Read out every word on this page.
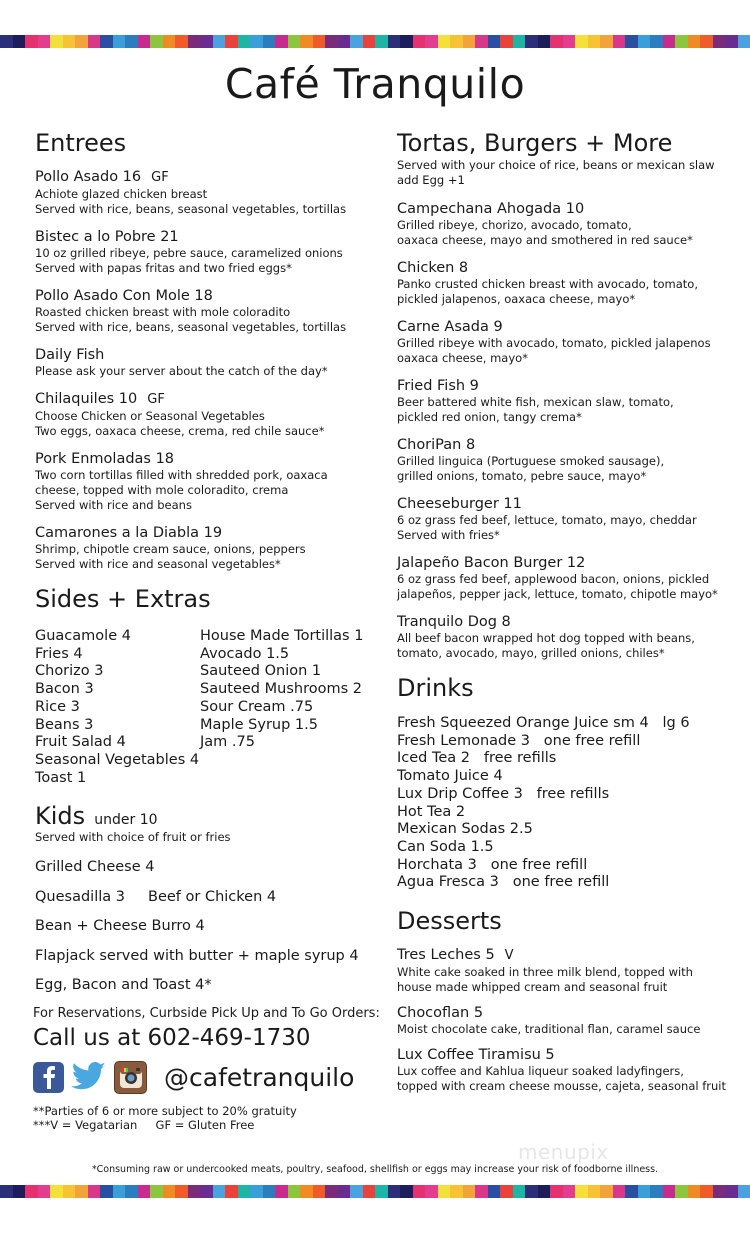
Café Tranquilo
Entrees
Pollo Asado 16 GF
Achiote glazed chicken breast
Served with rice, beans, seasonal vegetables, tortillas
Bistec a lo Pobre 21
10 oz grilled ribeye, pebre sauce, caramelized onions
Served with papas fritas and two fried eggs*
Pollo Asado Con Mole 18
Roasted chicken breast with mole coloradito
Served with rice, beans, seasonal vegetables, tortillas
Daily Fish
Please ask your server about the catch of the day*
Chilaquiles 10 GF
Choose Chicken or Seasonal Vegetables
Two eggs, oaxaca cheese, crema, red chile sauce*
Pork Enmoladas 18
Two corn tortillas filled with shredded pork, oaxaca
cheese, topped with mole coloradito, crema
Served with rice and beans
Camarones a la Diabla 19
Shrimp, chipotle cream sauce, onions, peppers
Served with rice and seasonal vegetables*
Sides + Extras
Guacamole 4
Fries 4
Chorizo 3
Bacon 3
Rice 3
Beans 3
Fruit Salad 4
Seasonal Vegetables 4
Toast 1
House Made Tortillas 1
Avocado 1.5
Sauteed Onion 1
Sauteed Mushrooms 2
Sour Cream .75
Maple Syrup 1.5
Jam .75
Kids under 10
Served with choice of fruit or fries
Grilled Cheese 4
Quesadilla 3     Beef or Chicken 4
Bean + Cheese Burro 4
Flapjack served with butter + maple syrup 4
Egg, Bacon and Toast 4*
For Reservations, Curbside Pick Up and To Go Orders:
Call us at 602-469-1730
@cafetranquilo
**Parties of 6 or more subject to 20% gratuity
***V = Vegatarian     GF = Gluten Free
Tortas, Burgers + More
Served with your choice of rice, beans or mexican slaw
add Egg +1
Campechana Ahogada 10
Grilled ribeye, chorizo, avocado, tomato,
oaxaca cheese, mayo and smothered in red sauce*
Chicken 8
Panko crusted chicken breast with avocado, tomato,
pickled jalapenos, oaxaca cheese, mayo*
Carne Asada 9
Grilled ribeye with avocado, tomato, pickled jalapenos
oaxaca cheese, mayo*
Fried Fish 9
Beer battered white fish, mexican slaw, tomato,
pickled red onion, tangy crema*
ChoriPan 8
Grilled linguica (Portuguese smoked sausage),
grilled onions, tomato, pebre sauce, mayo*
Cheeseburger 11
6 oz grass fed beef, lettuce, tomato, mayo, cheddar
Served with fries*
Jalapeño Bacon Burger 12
6 oz grass fed beef, applewood bacon, onions, pickled
jalapeños, pepper jack, lettuce, tomato, chipotle mayo*
Tranquilo Dog 8
All beef bacon wrapped hot dog topped with beans,
tomato, avocado, mayo, grilled onions, chiles*
Drinks
Fresh Squeezed Orange Juice sm 4   lg 6
Fresh Lemonade 3   one free refill
Iced Tea 2   free refills
Tomato Juice 4
Lux Drip Coffee 3   free refills
Hot Tea 2
Mexican Sodas 2.5
Can Soda 1.5
Horchata 3   one free refill
Agua Fresca 3   one free refill
Desserts
Tres Leches 5 V
White cake soaked in three milk blend, topped with
house made whipped cream and seasonal fruit
Chocoflan 5
Moist chocolate cake, traditional flan, caramel sauce
Lux Coffee Tiramisu 5
Lux coffee and Kahlua liqueur soaked ladyfingers,
topped with cream cheese mousse, cajeta, seasonal fruit
menupix
*Consuming raw or undercooked meats, poultry, seafood, shellfish or eggs may increase your risk of foodborne illness.
